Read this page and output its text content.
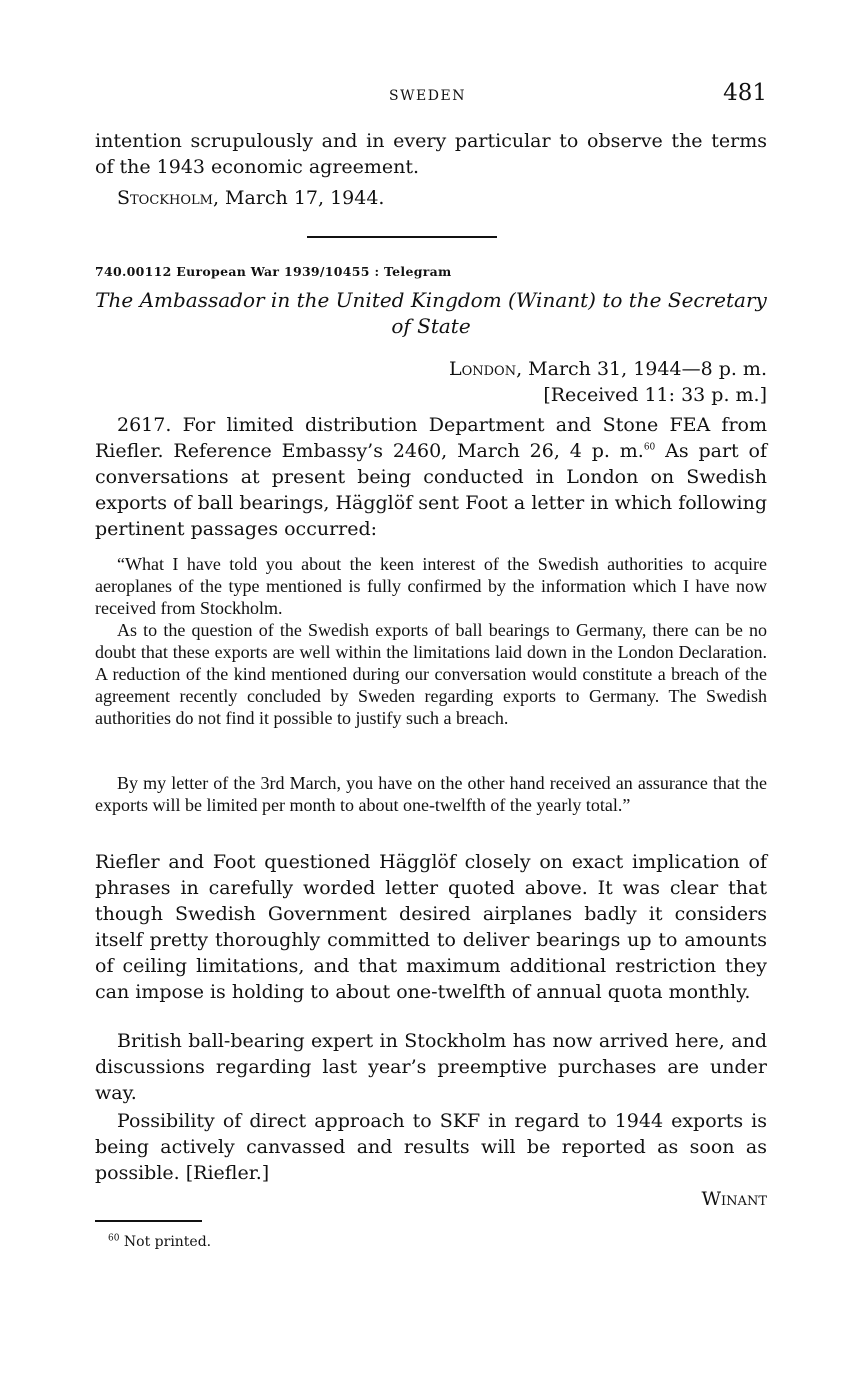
SWEDEN	481
intention scrupulously and in every particular to observe the terms of the 1943 economic agreement.
Stockholm, March 17, 1944.
740.00112 European War 1939/10455 : Telegram
The Ambassador in the United Kingdom (Winant) to the Secretary
of State
London, March 31, 1944—8 p. m.
[Received 11: 33 p. m.]
2617. For limited distribution Department and Stone FEA from Riefler. Reference Embassy’s 2460, March 26, 4 p. m.$^{60}$ As part of conversations at present being conducted in London on Swedish exports of ball bearings, Hägglöf sent Foot a letter in which following pertinent passages occurred:
“What I have told you about the keen interest of the Swedish authorities to acquire aeroplanes of the type mentioned is fully confirmed by the information which I have now received from Stockholm.
As to the question of the Swedish exports of ball bearings to Germany, there can be no doubt that these exports are well within the limitations laid down in the London Declaration. A reduction of the kind mentioned during our conversation would constitute a breach of the agreement recently concluded by Sweden regarding exports to Germany. The Swedish authorities do not find it possible to justify such a breach.
By my letter of the 3rd March, you have on the other hand received an assurance that the exports will be limited per month to about one-twelfth of the yearly total.”
Riefler and Foot questioned Hägglöf closely on exact implication of phrases in carefully worded letter quoted above. It was clear that though Swedish Government desired airplanes badly it considers itself pretty thoroughly committed to deliver bearings up to amounts of ceiling limitations, and that maximum additional restriction they can impose is holding to about one-twelfth of annual quota monthly.
British ball-bearing expert in Stockholm has now arrived here, and discussions regarding last year’s preemptive purchases are under way.
Possibility of direct approach to SKF in regard to 1944 exports is being actively canvassed and results will be reported as soon as possible. [Riefler.]
Winant
$^{60}$ Not printed.
